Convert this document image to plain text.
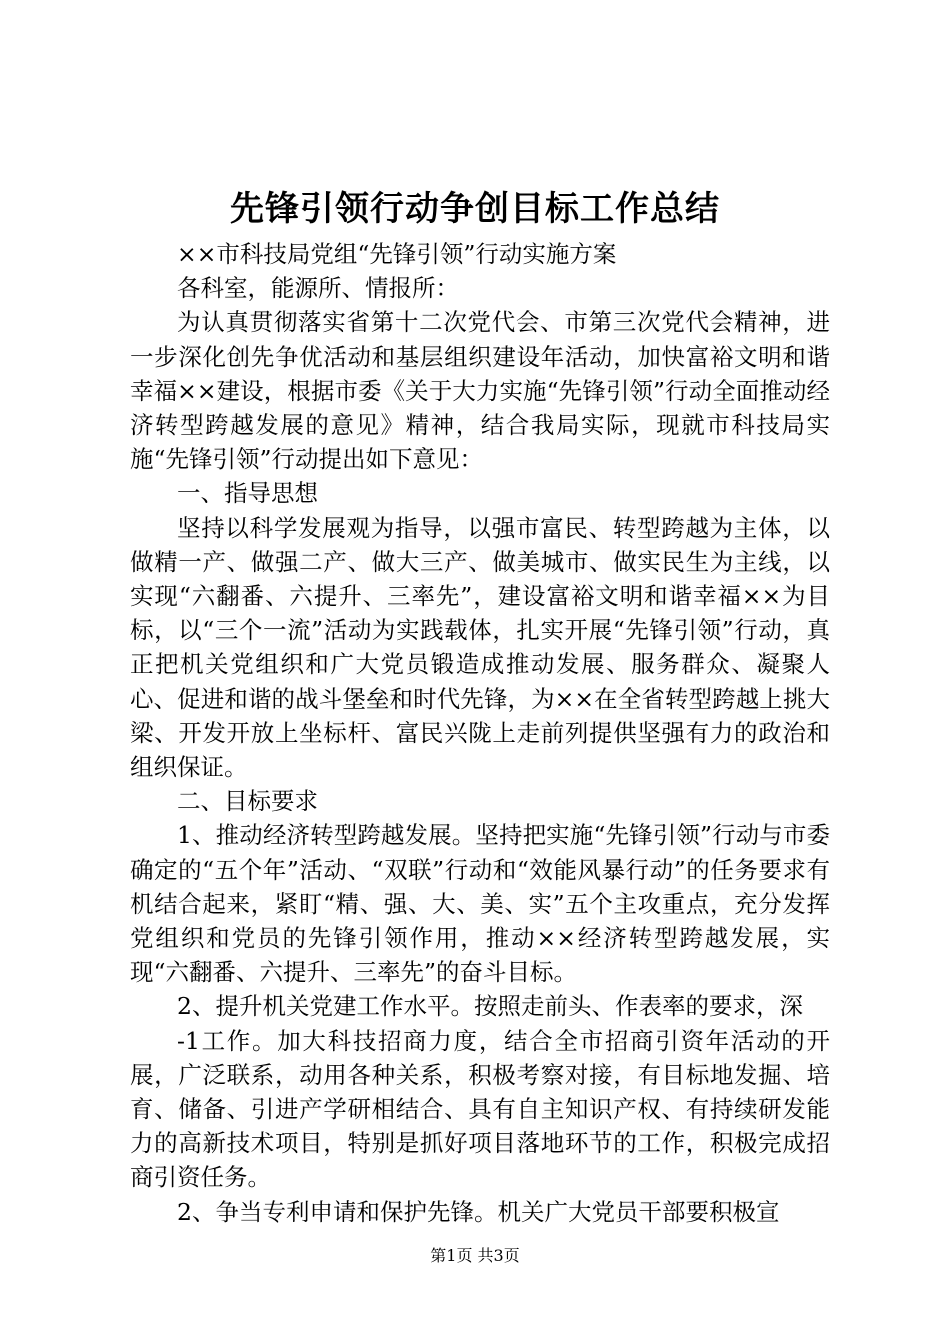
先锋引领行动争创目标工作总结

××市科技局党组“先锋引领”行动实施方案

各科室，能源所、情报所：

为认真贯彻落实省第十二次党代会、市第三次党代会精神，进一步深化创先争优活动和基层组织建设年活动，加快富裕文明和谐幸福××建设，根据市委《关于大力实施“先锋引领”行动全面推动经济转型跨越发展的意见》精神，结合我局实际，现就市科技局实施“先锋引领”行动提出如下意见：

一、指导思想

坚持以科学发展观为指导，以强市富民、转型跨越为主体，以做精一产、做强二产、做大三产、做美城市、做实民生为主线，以实现“六翻番、六提升、三率先”，建设富裕文明和谐幸福××为目标，以“三个一流”活动为实践载体，扎实开展“先锋引领”行动，真正把机关党组织和广大党员锻造成推动发展、服务群众、凝聚人心、促进和谐的战斗堡垒和时代先锋，为××在全省转型跨越上挑大梁、开发开放上坐标杆、富民兴陇上走前列提供坚强有力的政治和组织保证。

二、目标要求

1、推动经济转型跨越发展。坚持把实施“先锋引领”行动与市委确定的“五个年”活动、“双联”行动和“效能风暴行动”的任务要求有机结合起来，紧盯“精、强、大、美、实”五个主攻重点，充分发挥党组织和党员的先锋引领作用，推动××经济转型跨越发展，实现“六翻番、六提升、三率先”的奋斗目标。

2、提升机关党建工作水平。按照走前头、作表率的要求，深

-1工作。加大科技招商力度，结合全市招商引资年活动的开展，广泛联系，动用各种关系，积极考察对接，有目标地发掘、培育、储备、引进产学研相结合、具有自主知识产权、有持续研发能力的高新技术项目，特别是抓好项目落地环节的工作，积极完成招商引资任务。

2、争当专利申请和保护先锋。机关广大党员干部要积极宣

第1页 共3页
